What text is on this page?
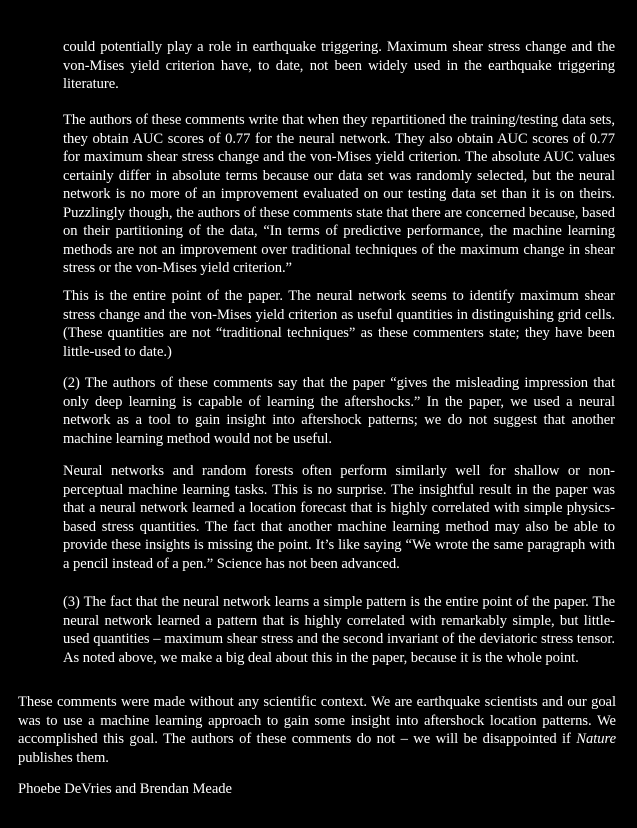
could potentially play a role in earthquake triggering. Maximum shear stress change and the von-Mises yield criterion have, to date, not been widely used in the earthquake triggering literature.

The authors of these comments write that when they repartitioned the training/testing data sets, they obtain AUC scores of 0.77 for the neural network. They also obtain AUC scores of 0.77 for maximum shear stress change and the von-Mises yield criterion. The absolute AUC values certainly differ in absolute terms because our data set was randomly selected, but the neural network is no more of an improvement evaluated on our testing data set than it is on theirs. Puzzlingly though, the authors of these comments state that there are concerned because, based on their partitioning of the data, “In terms of predictive performance, the machine learning methods are not an improvement over traditional techniques of the maximum change in shear stress or the von-Mises yield criterion.”

This is the entire point of the paper. The neural network seems to identify maximum shear stress change and the von-Mises yield criterion as useful quantities in distinguishing grid cells. (These quantities are not “traditional techniques” as these commenters state; they have been little-used to date.)

(2) The authors of these comments say that the paper “gives the misleading impression that only deep learning is capable of learning the aftershocks.” In the paper, we used a neural network as a tool to gain insight into aftershock patterns; we do not suggest that another machine learning method would not be useful.

Neural networks and random forests often perform similarly well for shallow or non-perceptual machine learning tasks. This is no surprise. The insightful result in the paper was that a neural network learned a location forecast that is highly correlated with simple physics-based stress quantities. The fact that another machine learning method may also be able to provide these insights is missing the point. It’s like saying “We wrote the same paragraph with a pencil instead of a pen.” Science has not been advanced.

(3) The fact that the neural network learns a simple pattern is the entire point of the paper. The neural network learned a pattern that is highly correlated with remarkably simple, but little-used quantities – maximum shear stress and the second invariant of the deviatoric stress tensor. As noted above, we make a big deal about this in the paper, because it is the whole point.

These comments were made without any scientific context. We are earthquake scientists and our goal was to use a machine learning approach to gain some insight into aftershock location patterns. We accomplished this goal. The authors of these comments do not – we will be disappointed if Nature publishes them.

Phoebe DeVries and Brendan Meade
